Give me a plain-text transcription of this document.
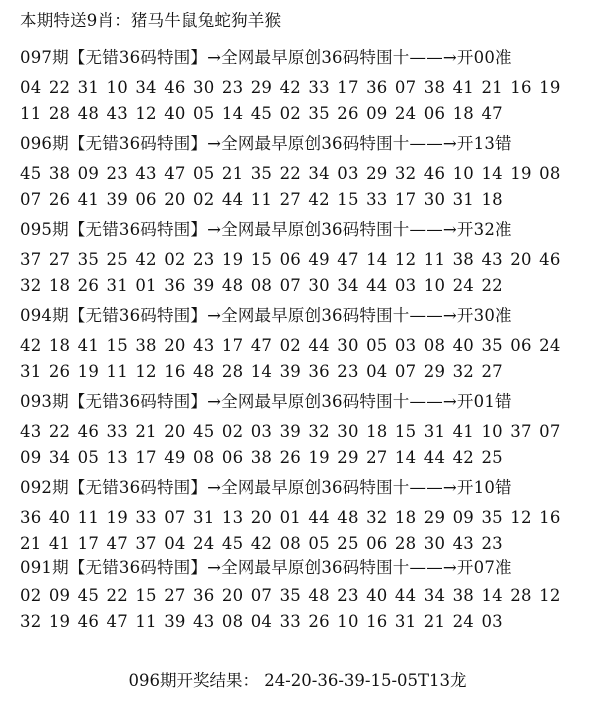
本期特送9肖：猪马牛鼠兔蛇狗羊猴
097期【无错36码特围】→全网最早原创36码特围十——→开00准
04 22 31 10 34 46 30 23 29 42 33 17 36 07 38 41 21 16 19
11 28 48 43 12 40 05 14 45 02 35 26 09 24 06 18 47
096期【无错36码特围】→全网最早原创36码特围十——→开13错
45 38 09 23 43 47 05 21 35 22 34 03 29 32 46 10 14 19 08
07 26 41 39 06 20 02 44 11 27 42 15 33 17 30 31 18
095期【无错36码特围】→全网最早原创36码特围十——→开32准
37 27 35 25 42 02 23 19 15 06 49 47 14 12 11 38 43 20 46
32 18 26 31 01 36 39 48 08 07 30 34 44 03 10 24 22
094期【无错36码特围】→全网最早原创36码特围十——→开30准
42 18 41 15 38 20 43 17 47 02 44 30 05 03 08 40 35 06 24
31 26 19 11 12 16 48 28 14 39 36 23 04 07 29 32 27
093期【无错36码特围】→全网最早原创36码特围十——→开01错
43 22 46 33 21 20 45 02 03 39 32 30 18 15 31 41 10 37 07
09 34 05 13 17 49 08 06 38 26 19 29 27 14 44 42 25
092期【无错36码特围】→全网最早原创36码特围十——→开10错
36 40 11 19 33 07 31 13 20 01 44 48 32 18 29 09 35 12 16
21 41 17 47 37 04 24 45 42 08 05 25 06 28 30 43 23
091期【无错36码特围】→全网最早原创36码特围十——→开07准
02 09 45 22 15 27 36 20 07 35 48 23 40 44 34 38 14 28 12
32 19 46 47 11 39 43 08 04 33 26 10 16 31 21 24 03
096期开奖结果： 24-20-36-39-15-05T13龙
